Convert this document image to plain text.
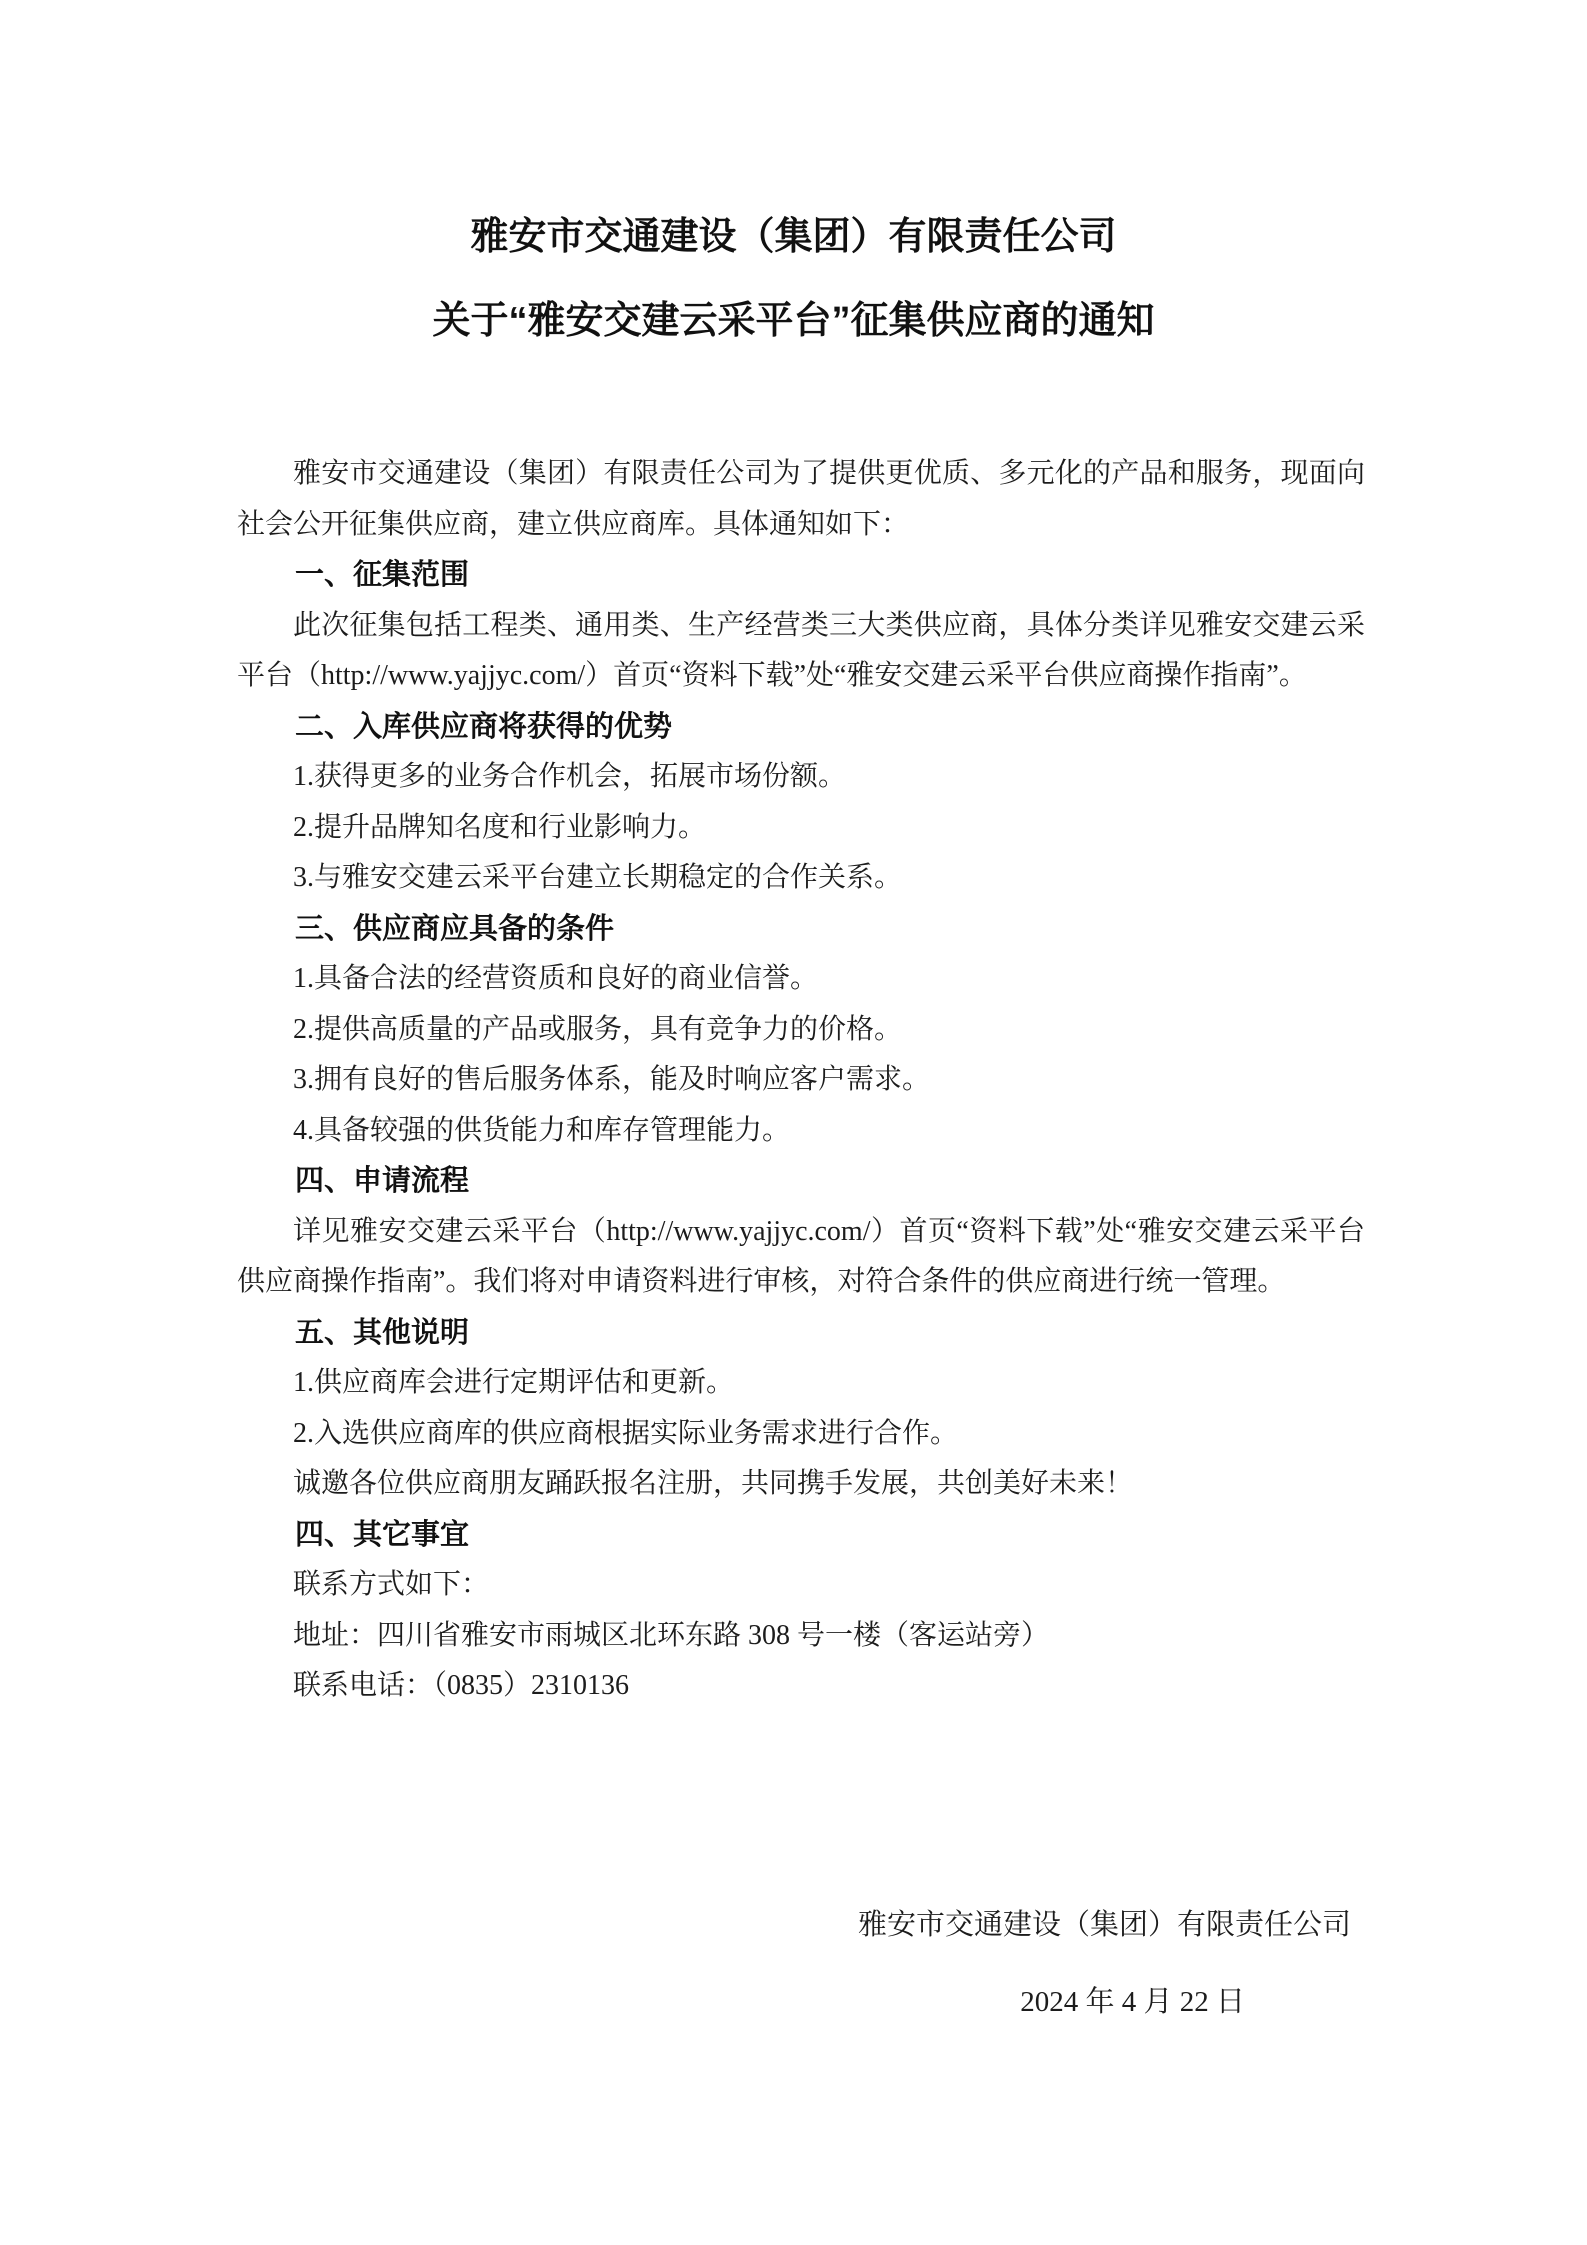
雅安市交通建设（集团）有限责任公司
关于“雅安交建云采平台”征集供应商的通知

雅安市交通建设（集团）有限责任公司为了提供更优质、多元化的产品和服务，现面向社会公开征集供应商，建立供应商库。具体通知如下：

一、征集范围

此次征集包括工程类、通用类、生产经营类三大类供应商，具体分类详见雅安交建云采平台（http://www.yajjyc.com/）首页“资料下载”处“雅安交建云采平台供应商操作指南”。

二、入库供应商将获得的优势

1.获得更多的业务合作机会，拓展市场份额。

2.提升品牌知名度和行业影响力。

3.与雅安交建云采平台建立长期稳定的合作关系。

三、供应商应具备的条件

1.具备合法的经营资质和良好的商业信誉。

2.提供高质量的产品或服务，具有竞争力的价格。

3.拥有良好的售后服务体系，能及时响应客户需求。

4.具备较强的供货能力和库存管理能力。

四、申请流程

详见雅安交建云采平台（http://www.yajjyc.com/）首页“资料下载”处“雅安交建云采平台供应商操作指南”。我们将对申请资料进行审核，对符合条件的供应商进行统一管理。

五、其他说明

1.供应商库会进行定期评估和更新。

2.入选供应商库的供应商根据实际业务需求进行合作。

诚邀各位供应商朋友踊跃报名注册，共同携手发展，共创美好未来！

四、其它事宜

联系方式如下：

地址：四川省雅安市雨城区北环东路 308 号一楼（客运站旁）

联系电话：（0835）2310136

雅安市交通建设（集团）有限责任公司
2024 年 4 月 22 日
